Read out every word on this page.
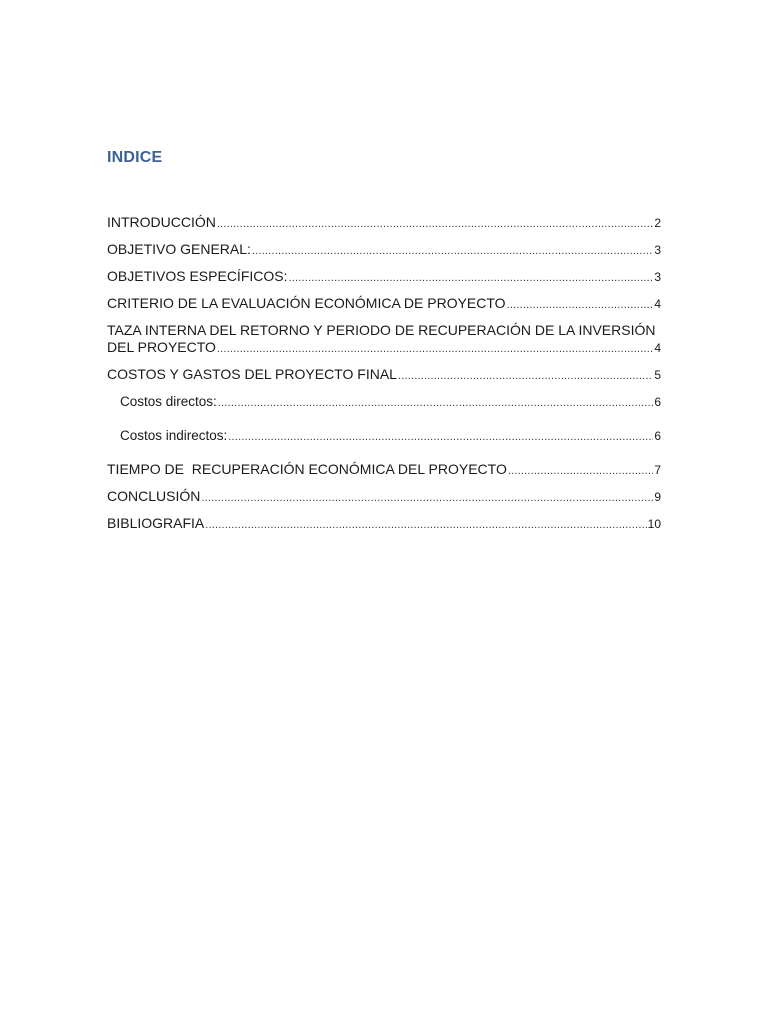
INDICE
INTRODUCCIÓN .....	2
OBJETIVO GENERAL: .....	3
OBJETIVOS ESPECÍFICOS: .....	3
CRITERIO DE LA EVALUACIÓN ECONÓMICA DE PROYECTO .....	4
TAZA INTERNA DEL RETORNO Y PERIODO DE RECUPERACIÓN DE LA INVERSIÓN
DEL PROYECTO .....	4
COSTOS Y GASTOS DEL PROYECTO FINAL .....	5
Costos directos: .....	6
Costos indirectos: .....	6
TIEMPO DE  RECUPERACIÓN ECONÓMICA DEL PROYECTO .....	7
CONCLUSIÓN .....	9
BIBLIOGRAFIA .....	10
